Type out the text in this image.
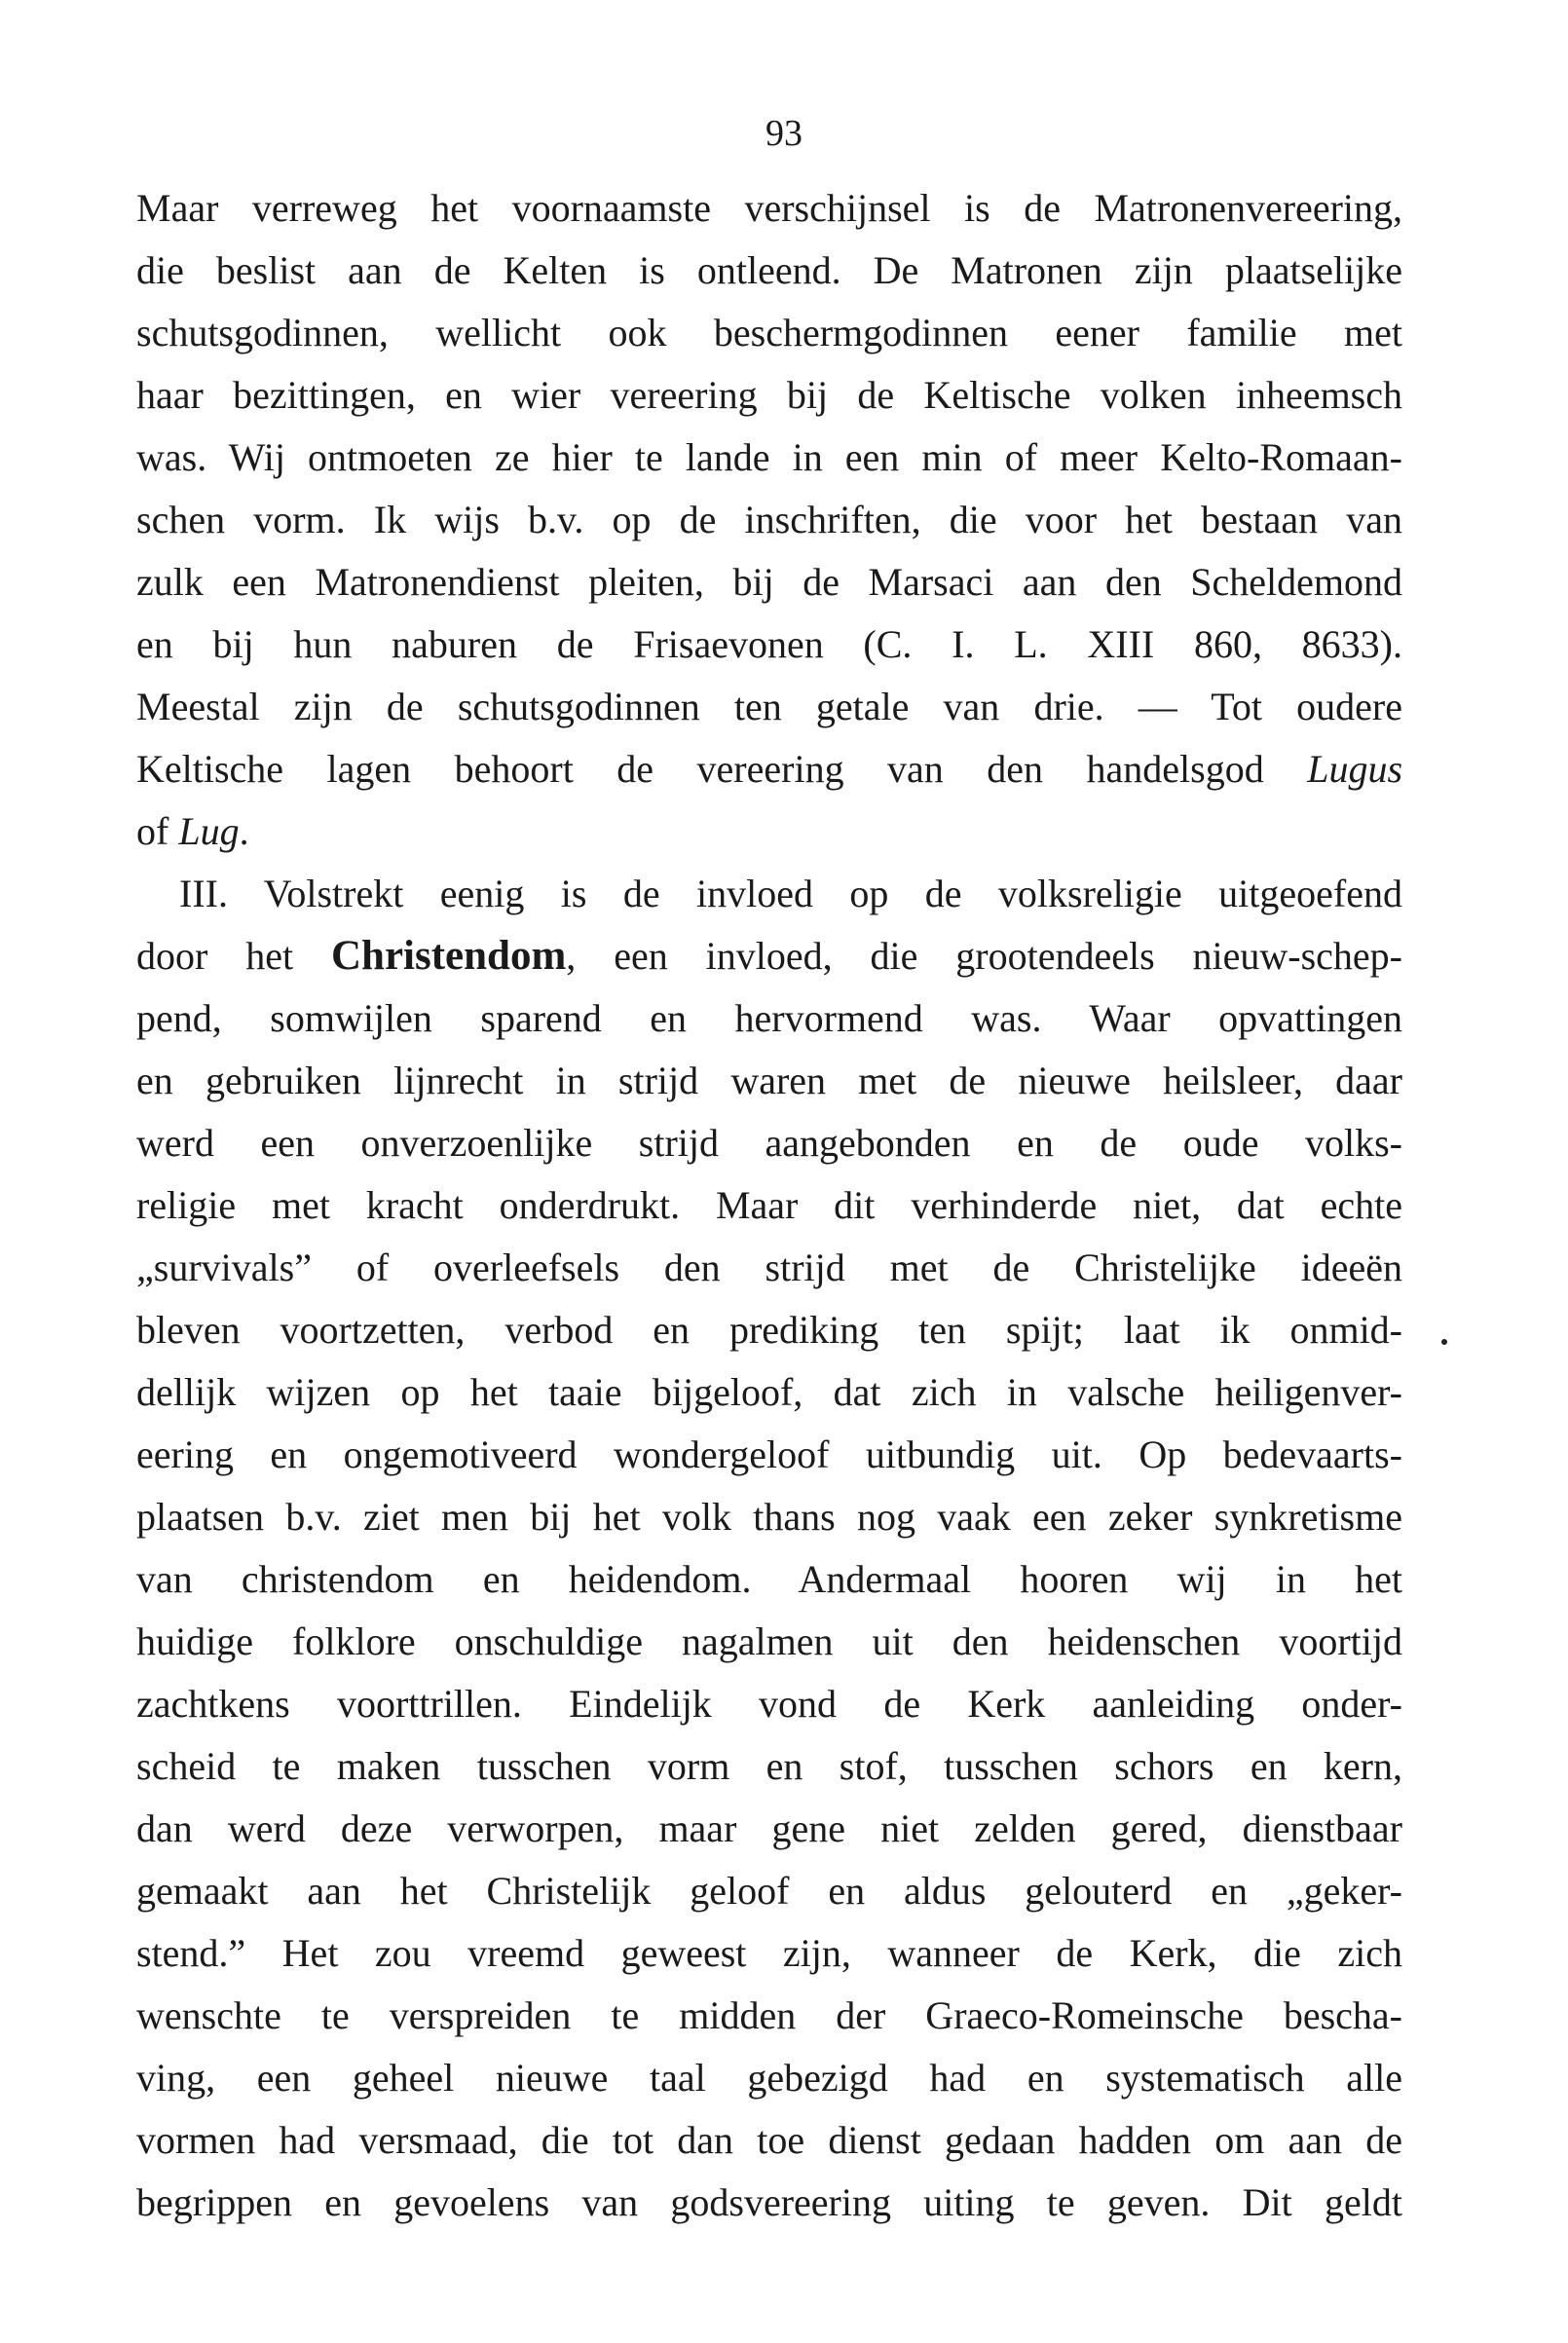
93
Maar verreweg het voornaamste verschijnsel is de Matronenvereering,
die beslist aan de Kelten is ontleend. De Matronen zijn plaatselijke
schutsgodinnen, wellicht ook beschermgodinnen eener familie met
haar bezittingen, en wier vereering bij de Keltische volken inheemsch
was. Wij ontmoeten ze hier te lande in een min of meer Kelto-Romaan-
schen vorm. Ik wijs b.v. op de inschriften, die voor het bestaan van
zulk een Matronendienst pleiten, bij de Marsaci aan den Scheldemond
en bij hun naburen de Frisaevonen (C. I. L. XIII 860, 8633).
Meestal zijn de schutsgodinnen ten getale van drie. — Tot oudere
Keltische lagen behoort de vereering van den handelsgod Lugus
of Lug.
III. Volstrekt eenig is de invloed op de volksreligie uitgeoefend
door het Christendom, een invloed, die grootendeels nieuw-schep-
pend, somwijlen sparend en hervormend was. Waar opvattingen
en gebruiken lijnrecht in strijd waren met de nieuwe heilsleer, daar
werd een onverzoenlijke strijd aangebonden en de oude volks-
religie met kracht onderdrukt. Maar dit verhinderde niet, dat echte
„survivals” of overleefsels den strijd met de Christelijke ideeën
bleven voortzetten, verbod en prediking ten spijt; laat ik onmid-
dellijk wijzen op het taaie bijgeloof, dat zich in valsche heiligenver-
eering en ongemotiveerd wondergeloof uitbundig uit. Op bedevaarts-
plaatsen b.v. ziet men bij het volk thans nog vaak een zeker synkretisme
van christendom en heidendom. Andermaal hooren wij in het
huidige folklore onschuldige nagalmen uit den heidenschen voortijd
zachtkens voorttrillen. Eindelijk vond de Kerk aanleiding onder-
scheid te maken tusschen vorm en stof, tusschen schors en kern,
dan werd deze verworpen, maar gene niet zelden gered, dienstbaar
gemaakt aan het Christelijk geloof en aldus gelouterd en „geker-
stend.” Het zou vreemd geweest zijn, wanneer de Kerk, die zich
wenschte te verspreiden te midden der Graeco-Romeinsche bescha-
ving, een geheel nieuwe taal gebezigd had en systematisch alle
vormen had versmaad, die tot dan toe dienst gedaan hadden om aan de
begrippen en gevoelens van godsvereering uiting te geven. Dit geldt
